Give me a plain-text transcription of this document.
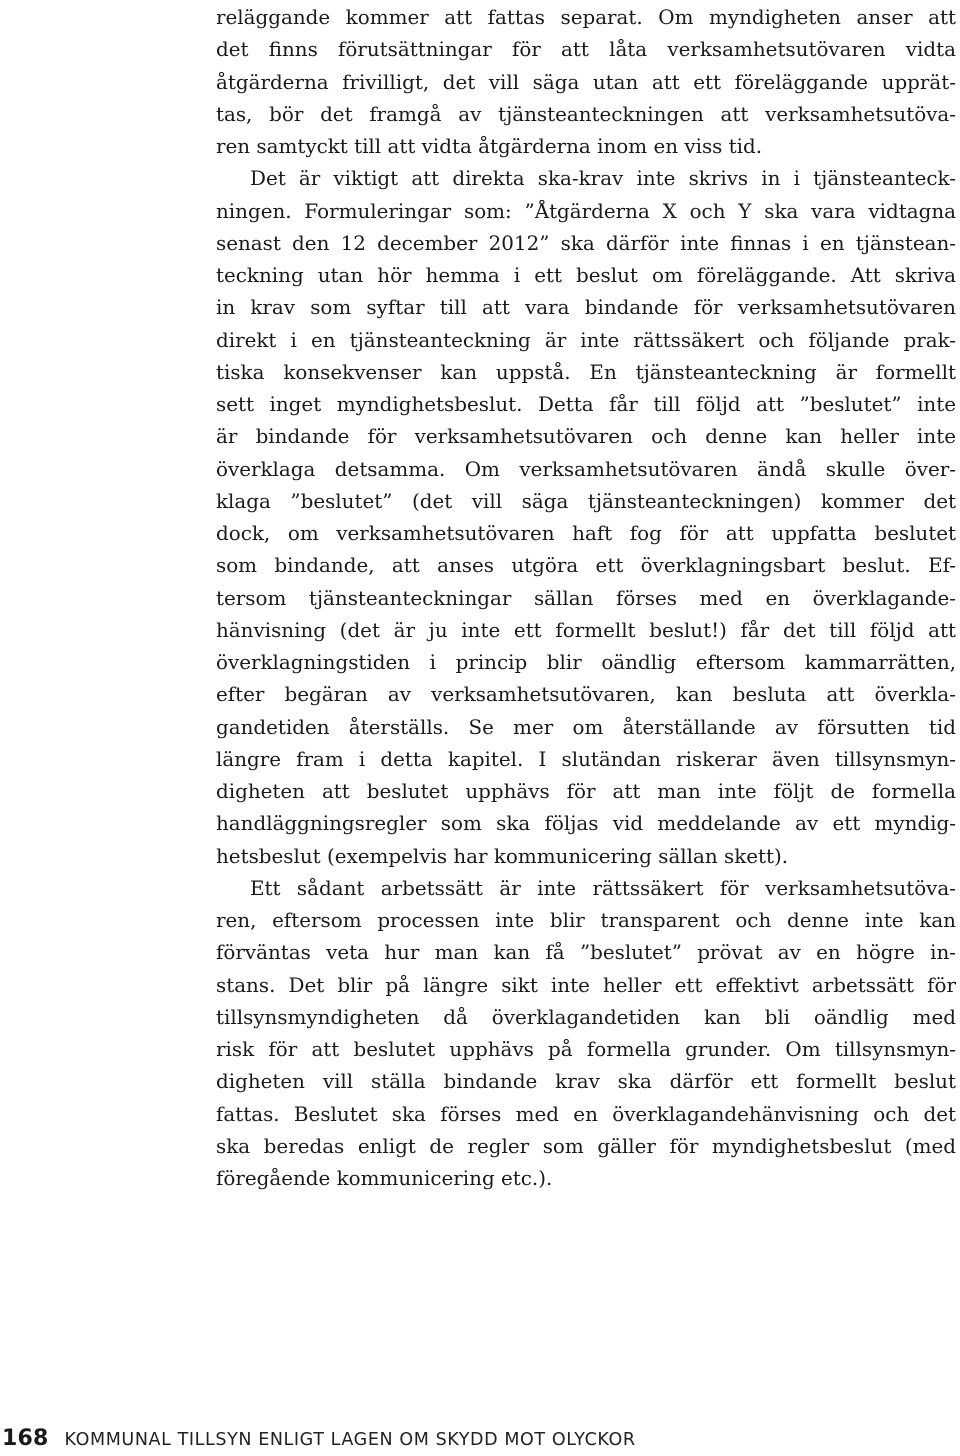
reläggande kommer att fattas separat. Om myndigheten anser att
det finns förutsättningar för att låta verksamhetsutövaren vidta
åtgärderna frivilligt, det vill säga utan att ett föreläggande upprät-
tas, bör det framgå av tjänsteanteckningen att verksamhetsutöva-
ren samtyckt till att vidta åtgärderna inom en viss tid.
Det är viktigt att direkta ska-krav inte skrivs in i tjänsteanteck-
ningen. Formuleringar som: ”Åtgärderna X och Y ska vara vidtagna
senast den 12 december 2012” ska därför inte finnas i en tjänstean-
teckning utan hör hemma i ett beslut om föreläggande. Att skriva
in krav som syftar till att vara bindande för verksamhetsutövaren
direkt i en tjänsteanteckning är inte rättssäkert och följande prak-
tiska konsekvenser kan uppstå. En tjänsteanteckning är formellt
sett inget myndighetsbeslut. Detta får till följd att ”beslutet” inte
är bindande för verksamhetsutövaren och denne kan heller inte
överklaga detsamma. Om verksamhetsutövaren ändå skulle över-
klaga ”beslutet” (det vill säga tjänsteanteckningen) kommer det
dock, om verksamhetsutövaren haft fog för att uppfatta beslutet
som bindande, att anses utgöra ett överklagningsbart beslut. Ef-
tersom tjänsteanteckningar sällan förses med en överklagande-
hänvisning (det är ju inte ett formellt beslut!) får det till följd att
överklagningstiden i princip blir oändlig eftersom kammarrätten,
efter begäran av verksamhetsutövaren, kan besluta att överkla-
gandetiden återställs. Se mer om återställande av försutten tid
längre fram i detta kapitel. I slutändan riskerar även tillsynsmyn-
digheten att beslutet upphävs för att man inte följt de formella
handläggningsregler som ska följas vid meddelande av ett myndig-
hetsbeslut (exempelvis har kommunicering sällan skett).
Ett sådant arbetssätt är inte rättssäkert för verksamhetsutöva-
ren, eftersom processen inte blir transparent och denne inte kan
förväntas veta hur man kan få ”beslutet” prövat av en högre in-
stans. Det blir på längre sikt inte heller ett effektivt arbetssätt för
tillsynsmyndigheten då överklagandetiden kan bli oändlig med
risk för att beslutet upphävs på formella grunder. Om tillsynsmyn-
digheten vill ställa bindande krav ska därför ett formellt beslut
fattas. Beslutet ska förses med en överklagandehänvisning och det
ska beredas enligt de regler som gäller för myndighetsbeslut (med
föregående kommunicering etc.).
168 KOMMUNAL TILLSYN ENLIGT LAGEN OM SKYDD MOT OLYCKOR
